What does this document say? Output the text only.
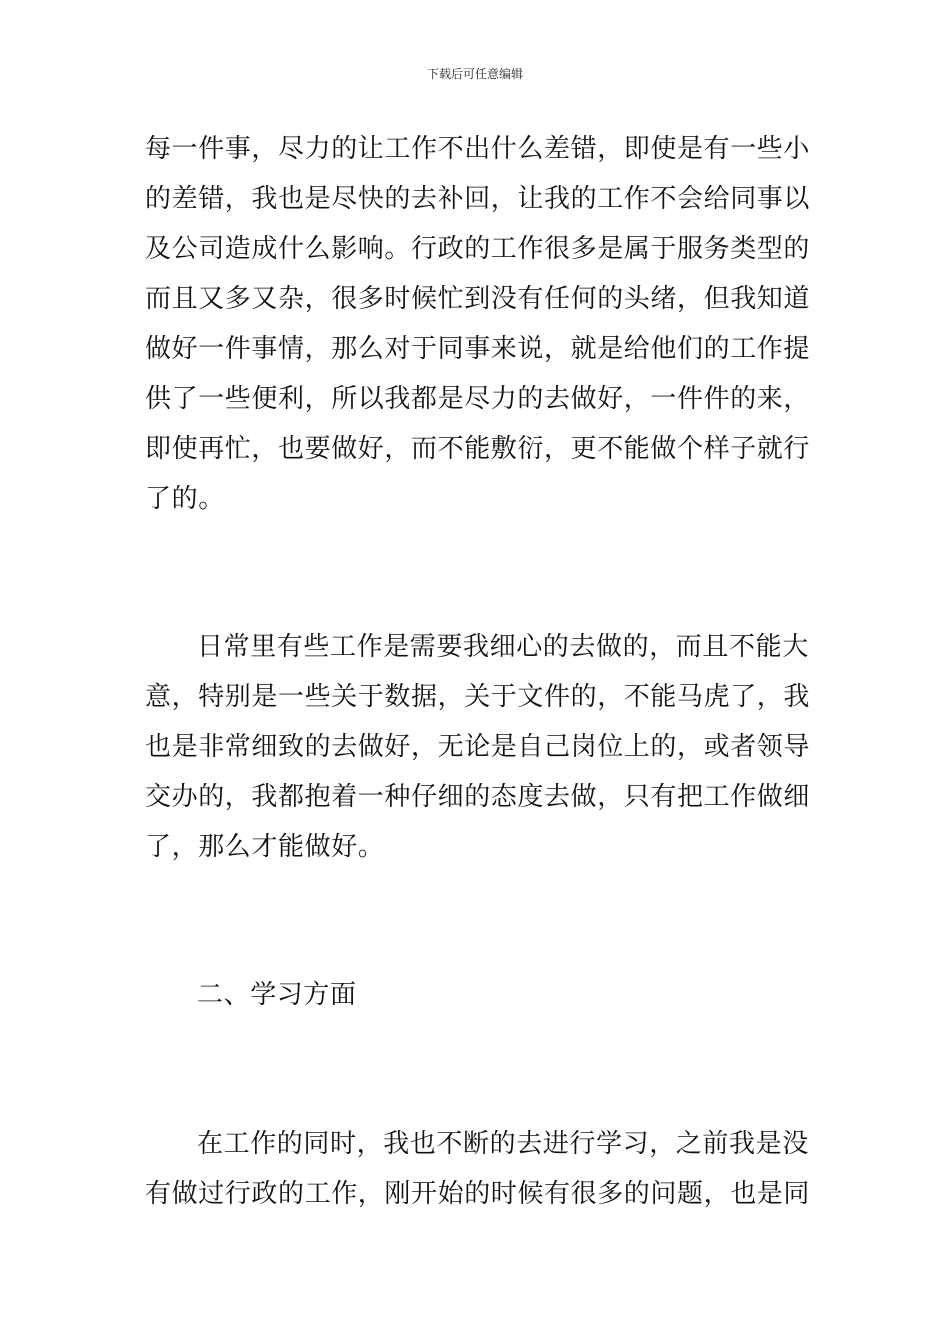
下载后可任意编辑
每一件事，尽力的让工作不出什么差错，即使是有一些小
的差错，我也是尽快的去补回，让我的工作不会给同事以
及公司造成什么影响。行政的工作很多是属于服务类型的
而且又多又杂，很多时候忙到没有任何的头绪，但我知道
做好一件事情，那么对于同事来说，就是给他们的工作提
供了一些便利，所以我都是尽力的去做好，一件件的来，
即使再忙，也要做好，而不能敷衍，更不能做个样子就行
了的。
日常里有些工作是需要我细心的去做的，而且不能大
意，特别是一些关于数据，关于文件的，不能马虎了，我
也是非常细致的去做好，无论是自己岗位上的，或者领导
交办的，我都抱着一种仔细的态度去做，只有把工作做细
了，那么才能做好。
二、学习方面
在工作的同时，我也不断的去进行学习，之前我是没
有做过行政的工作，刚开始的时候有很多的问题，也是同
